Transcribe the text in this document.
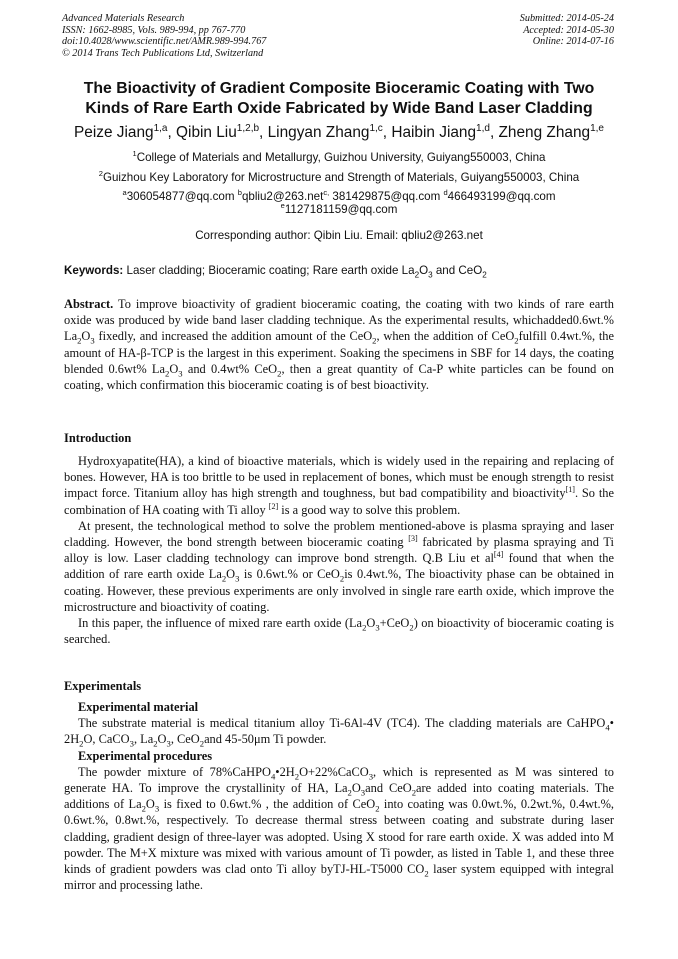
Advanced Materials Research
ISSN: 1662-8985, Vols. 989-994, pp 767-770
doi:10.4028/www.scientific.net/AMR.989-994.767
© 2014 Trans Tech Publications Ltd, Switzerland
Submitted: 2014-05-24
Accepted: 2014-05-30
Online: 2014-07-16
The Bioactivity of Gradient Composite Bioceramic Coating with Two
Kinds of Rare Earth Oxide Fabricated by Wide Band Laser Cladding
Peize Jiang$^{1,a}$, Qibin Liu$^{1,2,b}$, Lingyan Zhang$^{1,c}$, Haibin Jiang$^{1,d}$, Zheng Zhang$^{1,e}$
$^1$College of Materials and Metallurgy, Guizhou University, Guiyang550003, China
$^2$Guizhou Key Laboratory for Microstructure and Strength of Materials, Guiyang550003, China
$^a$306054877@qq.com $^b$qbliu2@263.net$^{c,}$ 381429875@qq.com $^d$466493199@qq.com
$^e$1127181159@qq.com
Corresponding author: Qibin Liu. Email: qbliu2@263.net
Keywords: Laser cladding; Bioceramic coating; Rare earth oxide $La_2O_3$ and CeO$_2$

Abstract. To improve bioactivity of gradient bioceramic coating, the coating with two kinds of rare earth oxide was produced by wide band laser cladding technique. As the experimental results, whichadded0.6wt.% $La_2O_3$ fixedly, and increased the addition amount of the CeO$_2$, when the addition of CeO$_2$fulfill 0.4wt.%, the amount of HA-β-TCP is the largest in this experiment. Soaking the specimens in SBF for 14 days, the coating blended 0.6wt% $La_2O_3$ and 0.4wt% CeO$_2$, then a great quantity of Ca-P white particles can be found on coating, which confirmation this bioceramic coating is of best bioactivity.

Introduction

Hydroxyapatite(HA), a kind of bioactive materials, which is widely used in the repairing and replacing of bones. However, HA is too brittle to be used in replacement of bones, which must be enough strength to resist impact force. Titanium alloy has high strength and toughness, but bad compatibility and bioactivity[1]. So the combination of HA coating with Ti alloy [2] is a good way to solve this problem.

At present, the technological method to solve the problem mentioned-above is plasma spraying and laser cladding. However, the bond strength between bioceramic coating [3] fabricated by plasma spraying and Ti alloy is low. Laser cladding technology can improve bond strength. Q.B Liu et al[4] found that when the addition of rare earth oxide $La_2O_3$ is 0.6wt.% or CeO$_2$is 0.4wt.%, The bioactivity phase can be obtained in coating. However, these previous experiments are only involved in single rare earth oxide, which improve the microstructure and bioactivity of coating.

In this paper, the influence of mixed rare earth oxide $(La_2O_3+CeO_2)$ on bioactivity of bioceramic coating is searched.

Experimentals

Experimental material

The substrate material is medical titanium alloy Ti-6Al-4V (TC4). The cladding materials are CaHPO$_4$• $2H_2O$, CaCO$_3$, $La_2O_3$, CeO$_2$and 45-50μm Ti powder.

Experimental procedures

The powder mixture of $78\%CaHPO_4•2H_2O+22\%CaCO_3$, which is represented as M was sintered to generate HA. To improve the crystallinity of HA, $La_2O_3and$ CeO$_2$are added into coating materials. The additions of $La_2O_3$ is fixed to 0.6wt.% , the addition of CeO$_2$ into coating was 0.0wt.%, 0.2wt.%, 0.4wt.%, 0.6wt.%, 0.8wt.%, respectively. To decrease thermal stress between coating and substrate during laser cladding, gradient design of three-layer was adopted. Using X stood for rare earth oxide. X was added into M powder. The M+X mixture was mixed with various amount of Ti powder, as listed in Table 1, and these three kinds of gradient powders was clad onto Ti alloy byTJ-HL-T5000 $CO_2$ laser system equipped with integral mirror and processing lathe.
